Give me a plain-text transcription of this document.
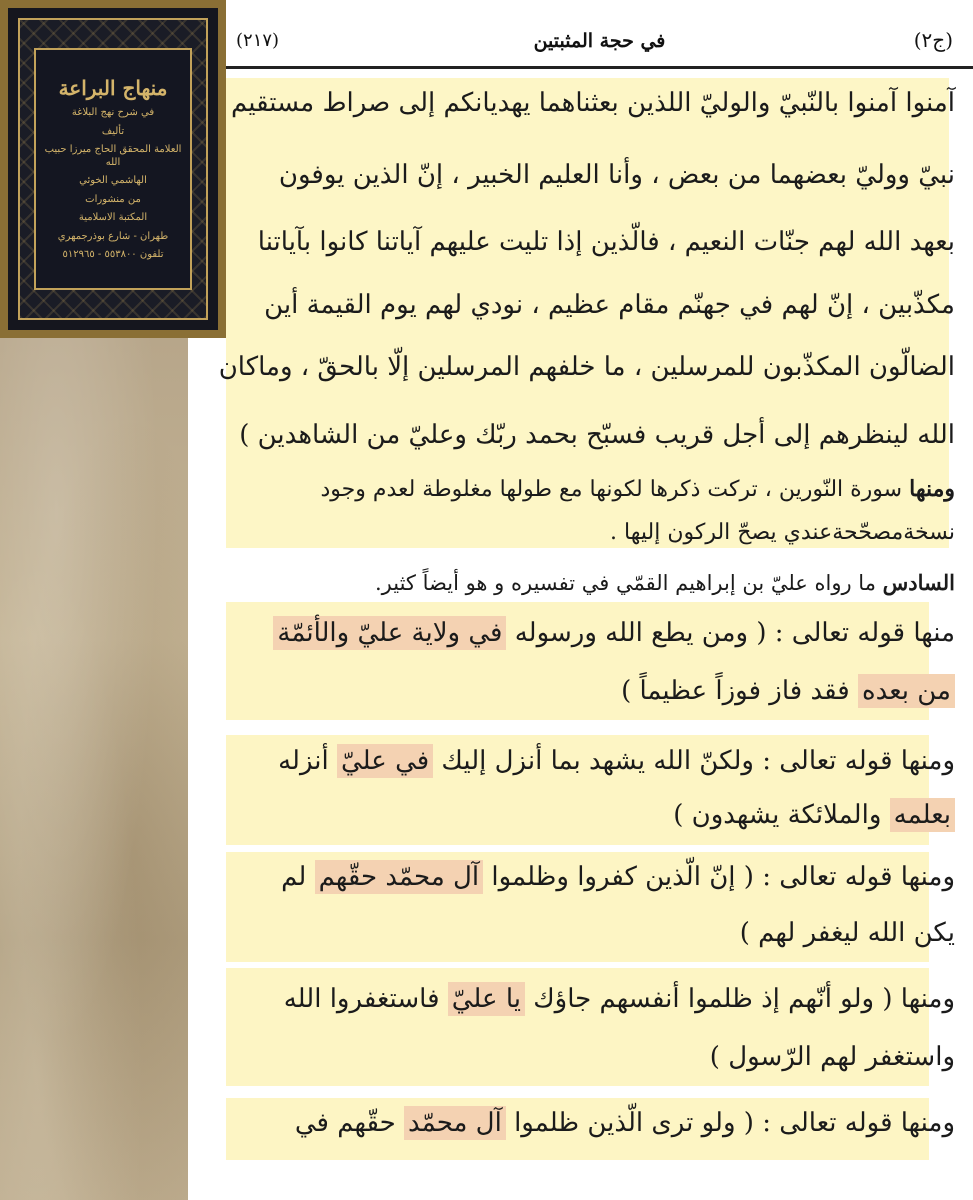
منهاج البراعة
في شرح نهج البلاغة
تأليف
العلامة المحقق الحاج ميرزا حبيب الله
الهاشمي الخوئي
من منشورات
المكتبة الاسلامية
طهران - شارع بوذرجمهري
تلفون ٥٥٣٨٠٠ - ٥١٢٩٦٥
(٢١٧)	في حجة المثبتين	(ج٢)
آمنوا آمنوا بالنّبيّ والوليّ اللذين بعثناهما يهديانكم إلى صراط مستقيم
نبيّ ووليّ بعضهما من بعض ، وأنا العليم الخبير ، إنّ الذين يوفون
بعهد الله لهم جنّات النعيم ، فالّذين إذا تليت عليهم آياتنا كانوا بآياتنا
مكذّبين ، إنّ لهم في جهنّم مقام عظيم ، نودي لهم يوم القيمة أين
الضالّون المكذّبون للمرسلين ، ما خلفهم المرسلين إلّا بالحقّ ، وماكان
الله لينظرهم إلى أجل قريب فسبّح بحمد ربّك وعليّ من الشاهدين )
ومنها سورة النّورين ، تركت ذكرها لكونها مع طولها مغلوطة لعدم وجود
نسخةمصحّحةعندي يصحّ الركون إليها .
السادس ما رواه عليّ بن إبراهيم القمّي في تفسيره و هو أيضاً كثير.
منها قوله تعالى : ( ومن يطع الله ورسوله في ولاية عليّ والأئمّة
من بعده فقد فاز فوزاً عظيماً )
ومنها قوله تعالى : ولكنّ الله يشهد بما أنزل إليك في عليّ أنزله
بعلمه والملائكة يشهدون )
ومنها قوله تعالى : ( إنّ الّذين كفروا وظلموا آل محمّد حقّهم لم
يكن الله ليغفر لهم )
ومنها ( ولو أنّهم إذ ظلموا أنفسهم جاؤك يا عليّ فاستغفروا الله
واستغفر لهم الرّسول )
ومنها قوله تعالى : ( ولو ترى الّذين ظلموا آل محمّد حقّهم في
